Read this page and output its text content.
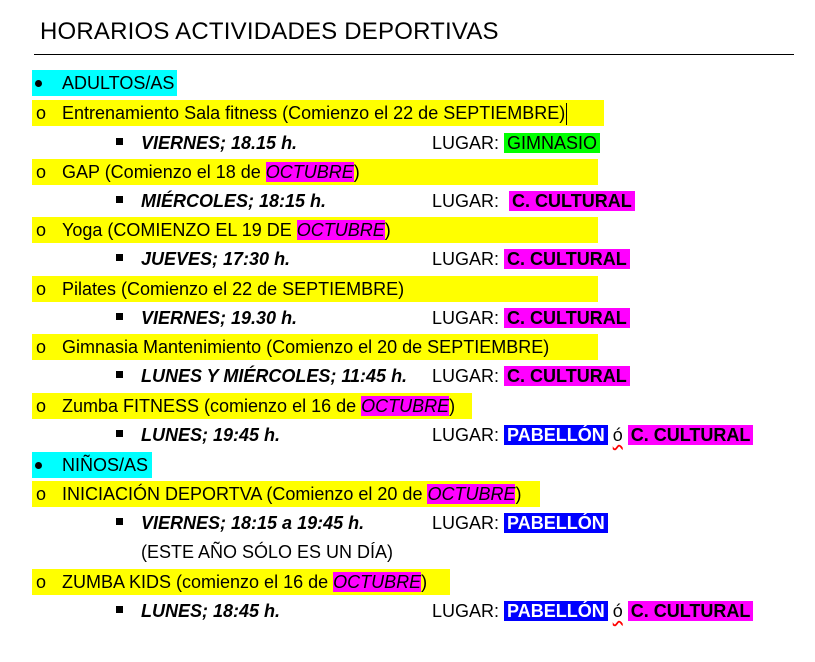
HORARIOS ACTIVIDADES DEPORTIVAS
ADULTOS/AS
o Entrenamiento Sala fitness (Comienzo el 22 de SEPTIEMBRE)
VIERNES; 18.15 h.	LUGAR: GIMNASIO
o GAP (Comienzo el 18 de OCTUBRE)
MIÉRCOLES; 18:15 h.	LUGAR: C. CULTURAL
o Yoga (COMIENZO EL 19 DE OCTUBRE)
JUEVES; 17:30 h.	LUGAR: C. CULTURAL
o Pilates (Comienzo el 22 de SEPTIEMBRE)
VIERNES; 19.30 h.	LUGAR: C. CULTURAL
o Gimnasia Mantenimiento (Comienzo el 20 de SEPTIEMBRE)
LUNES Y MIÉRCOLES; 11:45 h. LUGAR: C. CULTURAL
o Zumba FITNESS (comienzo el 16 de OCTUBRE)
LUNES; 19:45 h.	LUGAR: PABELLÓN ó C. CULTURAL
NIÑOS/AS
o INICIACIÓN DEPORTVA (Comienzo el 20 de OCTUBRE)
VIERNES; 18:15 a 19:45 h.	LUGAR: PABELLÓN
(ESTE AÑO SÓLO ES UN DÍA)
o ZUMBA KIDS (comienzo el 16 de OCTUBRE)
LUNES; 18:45 h.	LUGAR: PABELLÓN ó C. CULTURAL
